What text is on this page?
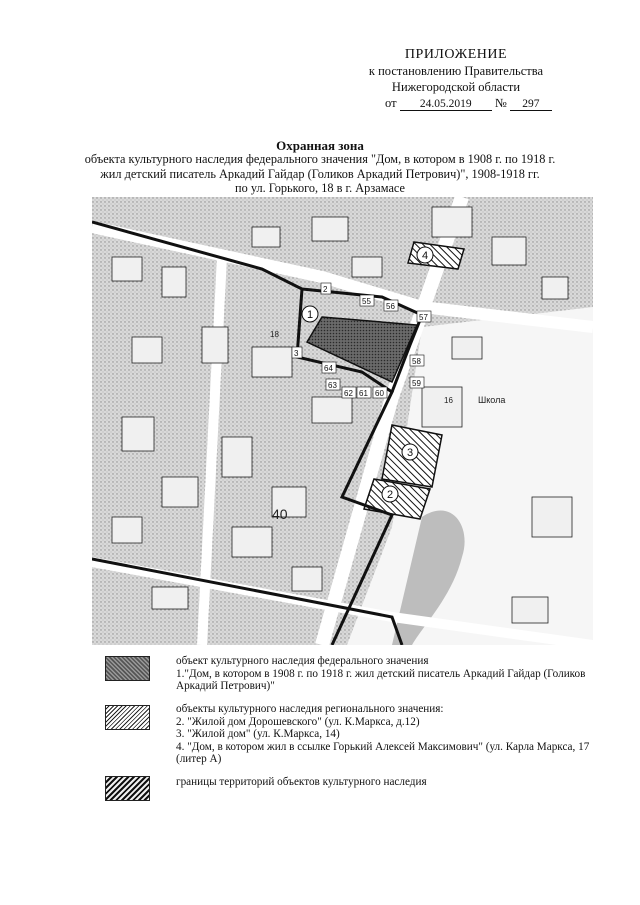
ПРИЛОЖЕНИЕ
к постановлению Правительства
Нижегородской области
от 24.05.2019 № 297
Охранная зона
объекта культурного наследия федерального значения "Дом, в котором в 1908 г. по 1918 г.
жил детский писатель Аркадий Гайдар (Голиков Аркадий Петрович)", 1908-1918 гг.
по ул. Горького, 18 в г. Арзамасе
1
2
3
4
2
55
56
57
58
59
60
61
62
63
64
3
Школа
40
16
18
объект культурного наследия федерального значения
1."Дом, в котором в 1908 г. по 1918 г. жил детский писатель Аркадий Гайдар (Голиков
Аркадий Петрович)"
объекты культурного наследия регионального значения:
2. "Жилой дом Дорошевского" (ул. К.Маркса, д.12)
3. "Жилой дом" (ул. К.Маркса, 14)
4. "Дом, в котором жил в ссылке Горький Алексей Максимович" (ул. Карла Маркса, 17
(литер А)
границы территорий объектов культурного наследия
